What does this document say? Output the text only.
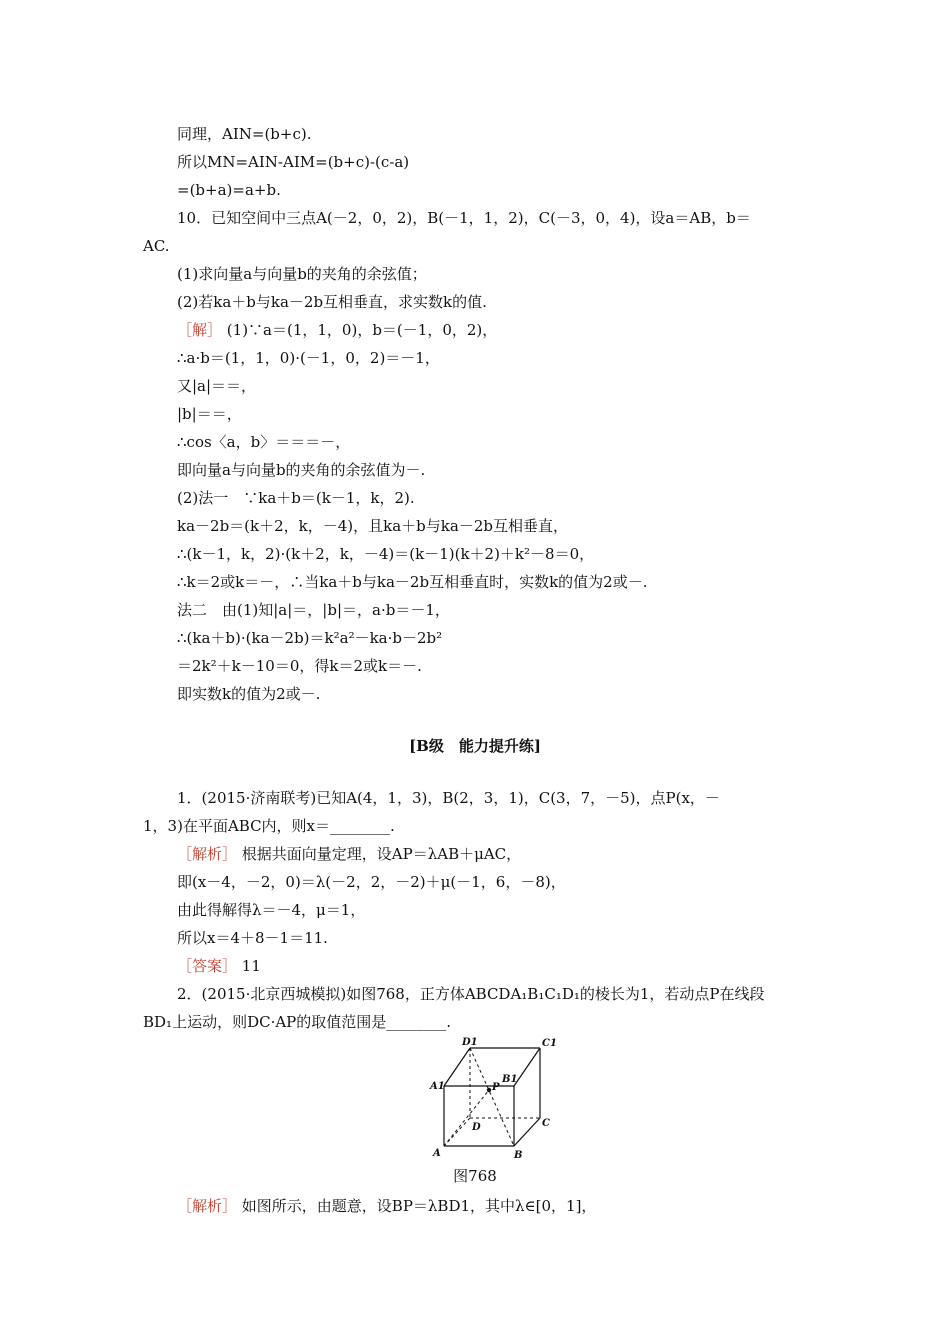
同理，AIN=(b+c).
所以MN=AIN-AIM=(b+c)-(c-a)
=(b+a)=a+b.
10．已知空间中三点A(－2，0，2)，B(－1，1，2)，C(－3，0，4)，设a＝AB，b＝
AC.
(1)求向量a与向量b的夹角的余弦值；
(2)若ka＋b与ka－2b互相垂直，求实数k的值.
［解］ (1)∵a＝(1，1，0)，b＝(－1，0，2)，
∴a·b＝(1，1，0)·(－1，0，2)＝－1，
又|a|＝＝，
|b|＝＝，
∴cos〈a，b〉＝＝＝－，
即向量a与向量b的夹角的余弦值为－.
(2)法一　∵ka＋b＝(k－1，k，2).
ka－2b＝(k＋2，k，－4)，且ka＋b与ka－2b互相垂直，
∴(k－1，k，2)·(k＋2，k，－4)＝(k－1)(k＋2)＋k²－8＝0，
∴k＝2或k＝－，∴当ka＋b与ka－2b互相垂直时，实数k的值为2或－.
法二　由(1)知|a|＝，|b|＝，a·b＝－1，
∴(ka＋b)·(ka－2b)＝k²a²－ka·b－2b²
＝2k²＋k－10＝0，得k＝2或k＝－.
即实数k的值为2或－.
[B级　能力提升练]
1．(2015·济南联考)已知A(4，1，3)，B(2，3，1)，C(3，7，－5)，点P(x，－
1，3)在平面ABC内，则x＝________.
［解析］ 根据共面向量定理，设AP＝λAB＋μAC，
即(x－4，－2，0)＝λ(－2，2，－2)＋μ(－1，6，－8)，
由此得解得λ＝－4，μ＝1，
所以x＝4＋8－1＝11.
［答案］ 11
2．(2015·北京西城模拟)如图768，正方体ABCDA₁B₁C₁D₁的棱长为1，若动点P在线段
BD₁上运动，则DC·AP的取值范围是________.
D1	C1
A1
B1
P
D	C
A	B
图768
［解析］ 如图所示，由题意，设BP＝λBD1，其中λ∈[0，1]，
